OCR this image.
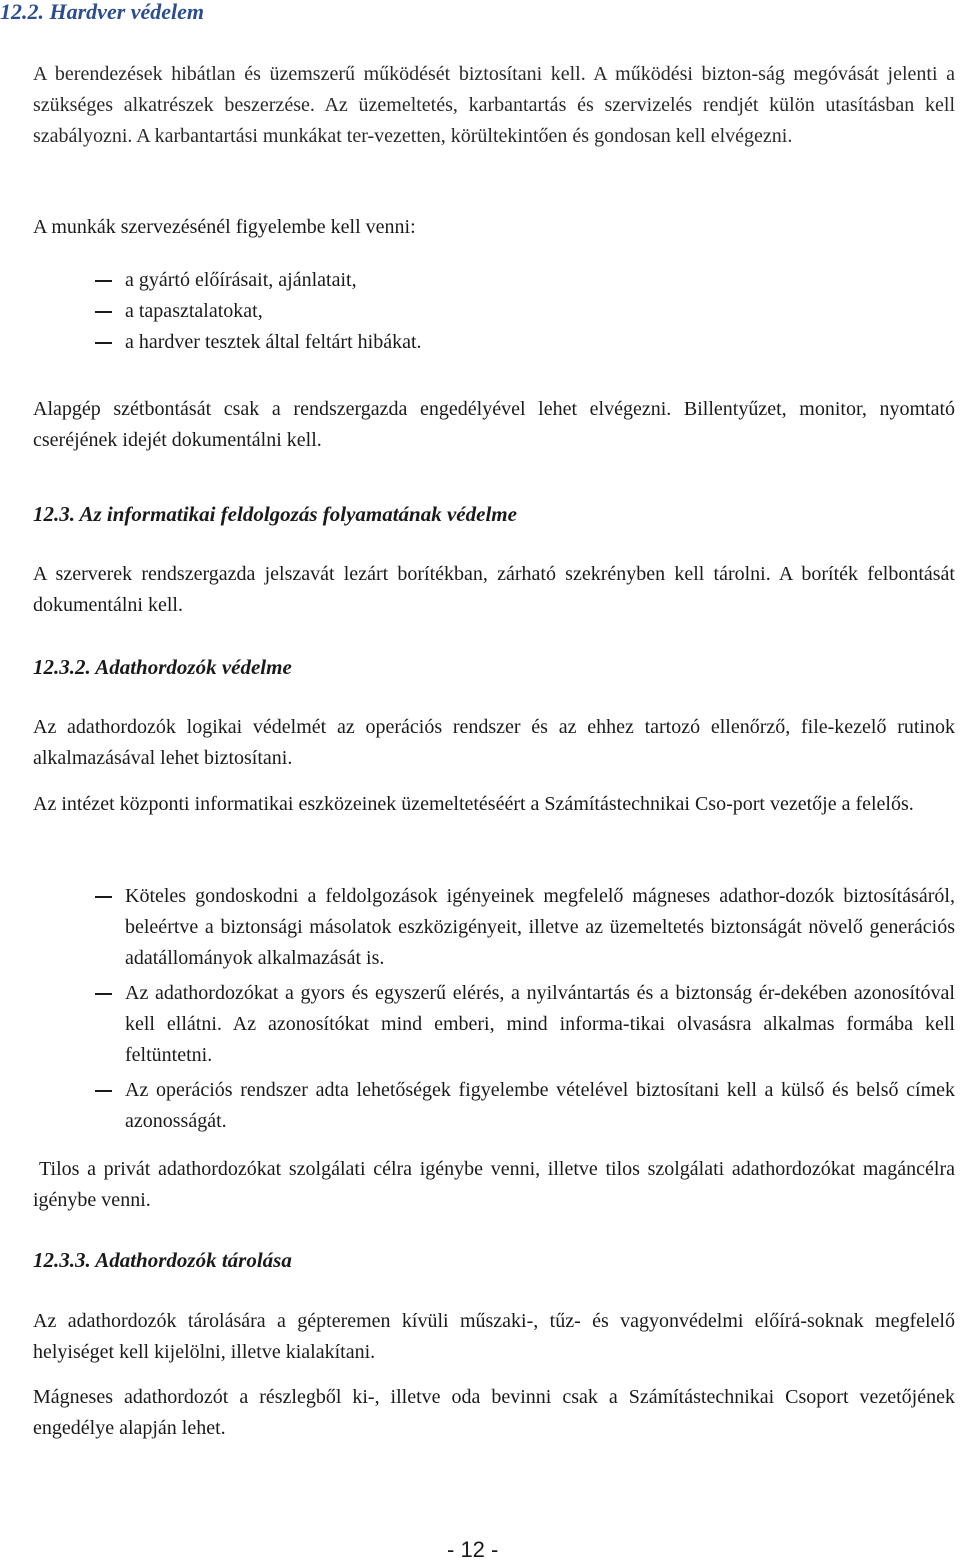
12.2. Hardver védelem
A berendezések hibátlan és üzemszerű működését biztosítani kell. A működési bizton-ság megóvását jelenti a szükséges alkatrészek beszerzése. Az üzemeltetés, karbantartás és szervizelés rendjét külön utasításban kell szabályozni. A karbantartási munkákat ter-vezetten, körültekintően és gondosan kell elvégezni.
A munkák szervezésénél figyelembe kell venni:
a gyártó előírásait, ajánlatait,
a tapasztalatokat,
a hardver tesztek által feltárt hibákat.
Alapgép szétbontását csak a rendszergazda engedélyével lehet elvégezni. Billentyűzet, monitor, nyomtató cseréjének idejét dokumentálni kell.
12.3. Az informatikai feldolgozás folyamatának védelme
A szerverek rendszergazda jelszavát lezárt borítékban, zárható szekrényben kell tárolni. A boríték felbontását dokumentálni kell.
12.3.2. Adathordozók védelme
Az adathordozók logikai védelmét az operációs rendszer és az ehhez tartozó ellenőrző, file-kezelő rutinok alkalmazásával lehet biztosítani.
Az intézet központi informatikai eszközeinek üzemeltetéséért a Számítástechnikai Cso-port vezetője a felelős.
Köteles gondoskodni a feldolgozások igényeinek megfelelő mágneses adathor-dozók biztosításáról, beleértve a biztonsági másolatok eszközigényeit, illetve az üzemeltetés biztonságát növelő generációs adatállományok alkalmazását is.
Az adathordozókat a gyors és egyszerű elérés, a nyilvántartás és a biztonság ér-dekében azonosítóval kell ellátni. Az azonosítókat mind emberi, mind informa-tikai olvasásra alkalmas formába kell feltüntetni.
Az operációs rendszer adta lehetőségek figyelembe vételével biztosítani kell a külső és belső címek azonosságát.
Tilos a privát adathordozókat szolgálati célra igénybe venni, illetve tilos szolgálati adathordozókat magáncélra igénybe venni.
12.3.3. Adathordozók tárolása
Az adathordozók tárolására a gépteremen kívüli műszaki-, tűz- és vagyonvédelmi előírá-soknak megfelelő helyiséget kell kijelölni, illetve kialakítani.
Mágneses adathordozót a részlegből ki-, illetve oda bevinni csak a Számítástechnikai Csoport vezetőjének engedélye alapján lehet.
- 12 -
